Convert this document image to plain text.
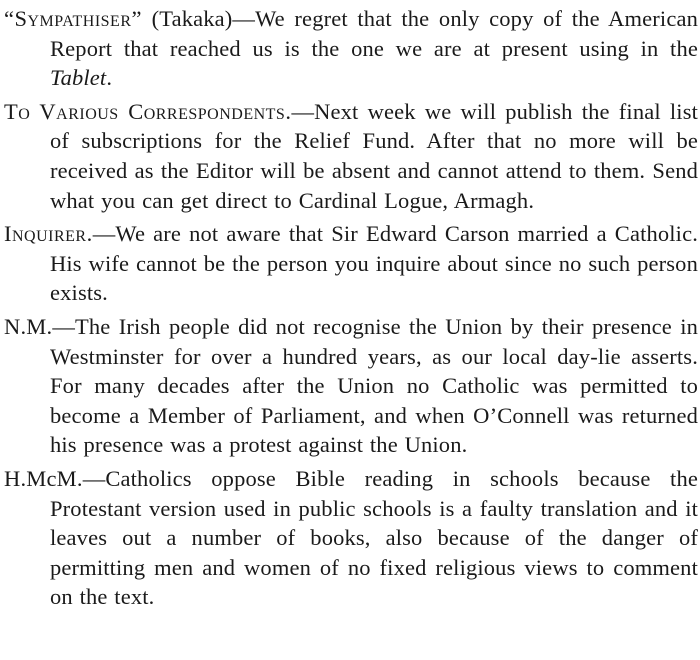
“Sympathiser” (Takaka)—We regret that the only copy of the American Report that reached us is the one we are at present using in the Tablet.

To Various Correspondents.—Next week we will publish the final list of subscriptions for the Relief Fund. After that no more will be received as the Editor will be absent and cannot attend to them. Send what you can get direct to Cardinal Logue, Armagh.

Inquirer.—We are not aware that Sir Edward Carson married a Catholic. His wife cannot be the person you inquire about since no such person exists.

N.M.—The Irish people did not recognise the Union by their presence in Westminster for over a hundred years, as our local day-lie asserts. For many decades after the Union no Catholic was permitted to become a Member of Parliament, and when O’Connell was returned his presence was a protest against the Union.

H.McM.—Catholics oppose Bible reading in schools because the Protestant version used in public schools is a faulty translation and it leaves out a number of books, also because of the danger of permitting men and women of no fixed religious views to comment on the text.
